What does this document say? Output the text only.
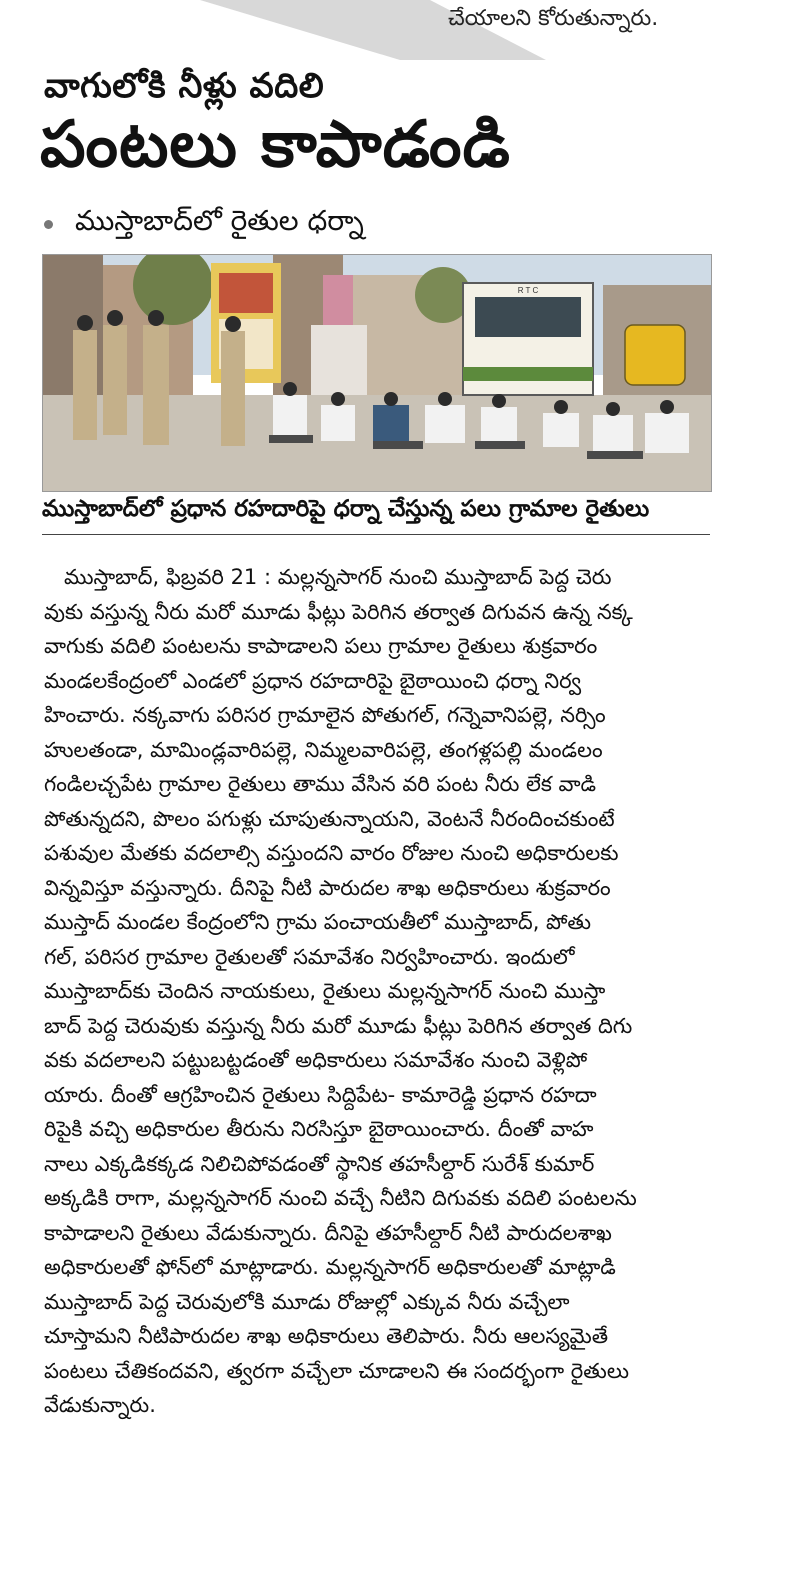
చేయాలని కోరుతున్నారు.
వాగులోకి నీళ్లు వదిలి
పంటలు కాపాడండి
ముస్తాబాద్‌లో రైతుల ధర్నా
R T C
ముస్తాబాద్‌లో ప్రధాన రహదారిపై ధర్నా చేస్తున్న పలు గ్రామాల రైతులు
ముస్తాబాద్, ఫిబ్రవరి 21 : మల్లన్నసాగర్ నుంచి ముస్తాబాద్ పెద్ద చెరు
వుకు వస్తున్న నీరు మరో మూడు ఫీట్లు పెరిగిన తర్వాత దిగువన ఉన్న నక్క
వాగుకు వదిలి పంటలను కాపాడాలని పలు గ్రామాల రైతులు శుక్రవారం
మండలకేంద్రంలో ఎండలో ప్రధాన రహదారిపై బైఠాయించి ధర్నా నిర్వ
హించారు. నక్కవాగు పరిసర గ్రామాలైన పోతుగల్, గన్నెవానిపల్లె, నర్సిం
హులతండా, మామిండ్లవారిపల్లె, నిమ్మలవారిపల్లె, తంగళ్లపల్లి మండలం
గండిలచ్చపేట గ్రామాల రైతులు తాము వేసిన వరి పంట నీరు లేక వాడి
పోతున్నదని, పొలం పగుళ్లు చూపుతున్నాయని, వెంటనే నీరందించకుంటే
పశువుల మేతకు వదలాల్సి వస్తుందని వారం రోజుల నుంచి అధికారులకు
విన్నవిస్తూ వస్తున్నారు. దీనిపై నీటి పారుదల శాఖ అధికారులు శుక్రవారం
ముస్తాద్ మండల కేంద్రంలోని గ్రామ పంచాయతీలో ముస్తాబాద్, పోతు
గల్, పరిసర గ్రామాల రైతులతో సమావేశం నిర్వహించారు. ఇందులో
ముస్తాబాద్‌కు చెందిన నాయకులు, రైతులు మల్లన్నసాగర్ నుంచి ముస్తా
బాద్ పెద్ద చెరువుకు వస్తున్న నీరు మరో మూడు ఫీట్లు పెరిగిన తర్వాత దిగు
వకు వదలాలని పట్టుబట్టడంతో అధికారులు సమావేశం నుంచి వెళ్లిపో
యారు. దీంతో ఆగ్రహించిన రైతులు సిద్దిపేట- కామారెడ్డి ప్రధాన రహదా
రిపైకి వచ్చి అధికారుల తీరును నిరసిస్తూ బైఠాయించారు. దీంతో వాహ
నాలు ఎక్కడికక్కడ నిలిచిపోవడంతో స్థానిక తహసీల్దార్ సురేశ్ కుమార్
అక్కడికి రాగా, మల్లన్నసాగర్ నుంచి వచ్చే నీటిని దిగువకు వదిలి పంటలను
కాపాడాలని రైతులు వేడుకున్నారు. దీనిపై తహసీల్దార్ నీటి పారుదలశాఖ
అధికారులతో ఫోన్‌లో మాట్లాడారు. మల్లన్నసాగర్ అధికారులతో మాట్లాడి
ముస్తాబాద్ పెద్ద చెరువులోకి మూడు రోజుల్లో ఎక్కువ నీరు వచ్చేలా
చూస్తామని నీటిపారుదల శాఖ అధికారులు తెలిపారు. నీరు ఆలస్యమైతే
పంటలు చేతికందవని, త్వరగా వచ్చేలా చూడాలని ఈ సందర్భంగా రైతులు
వేడుకున్నారు.
